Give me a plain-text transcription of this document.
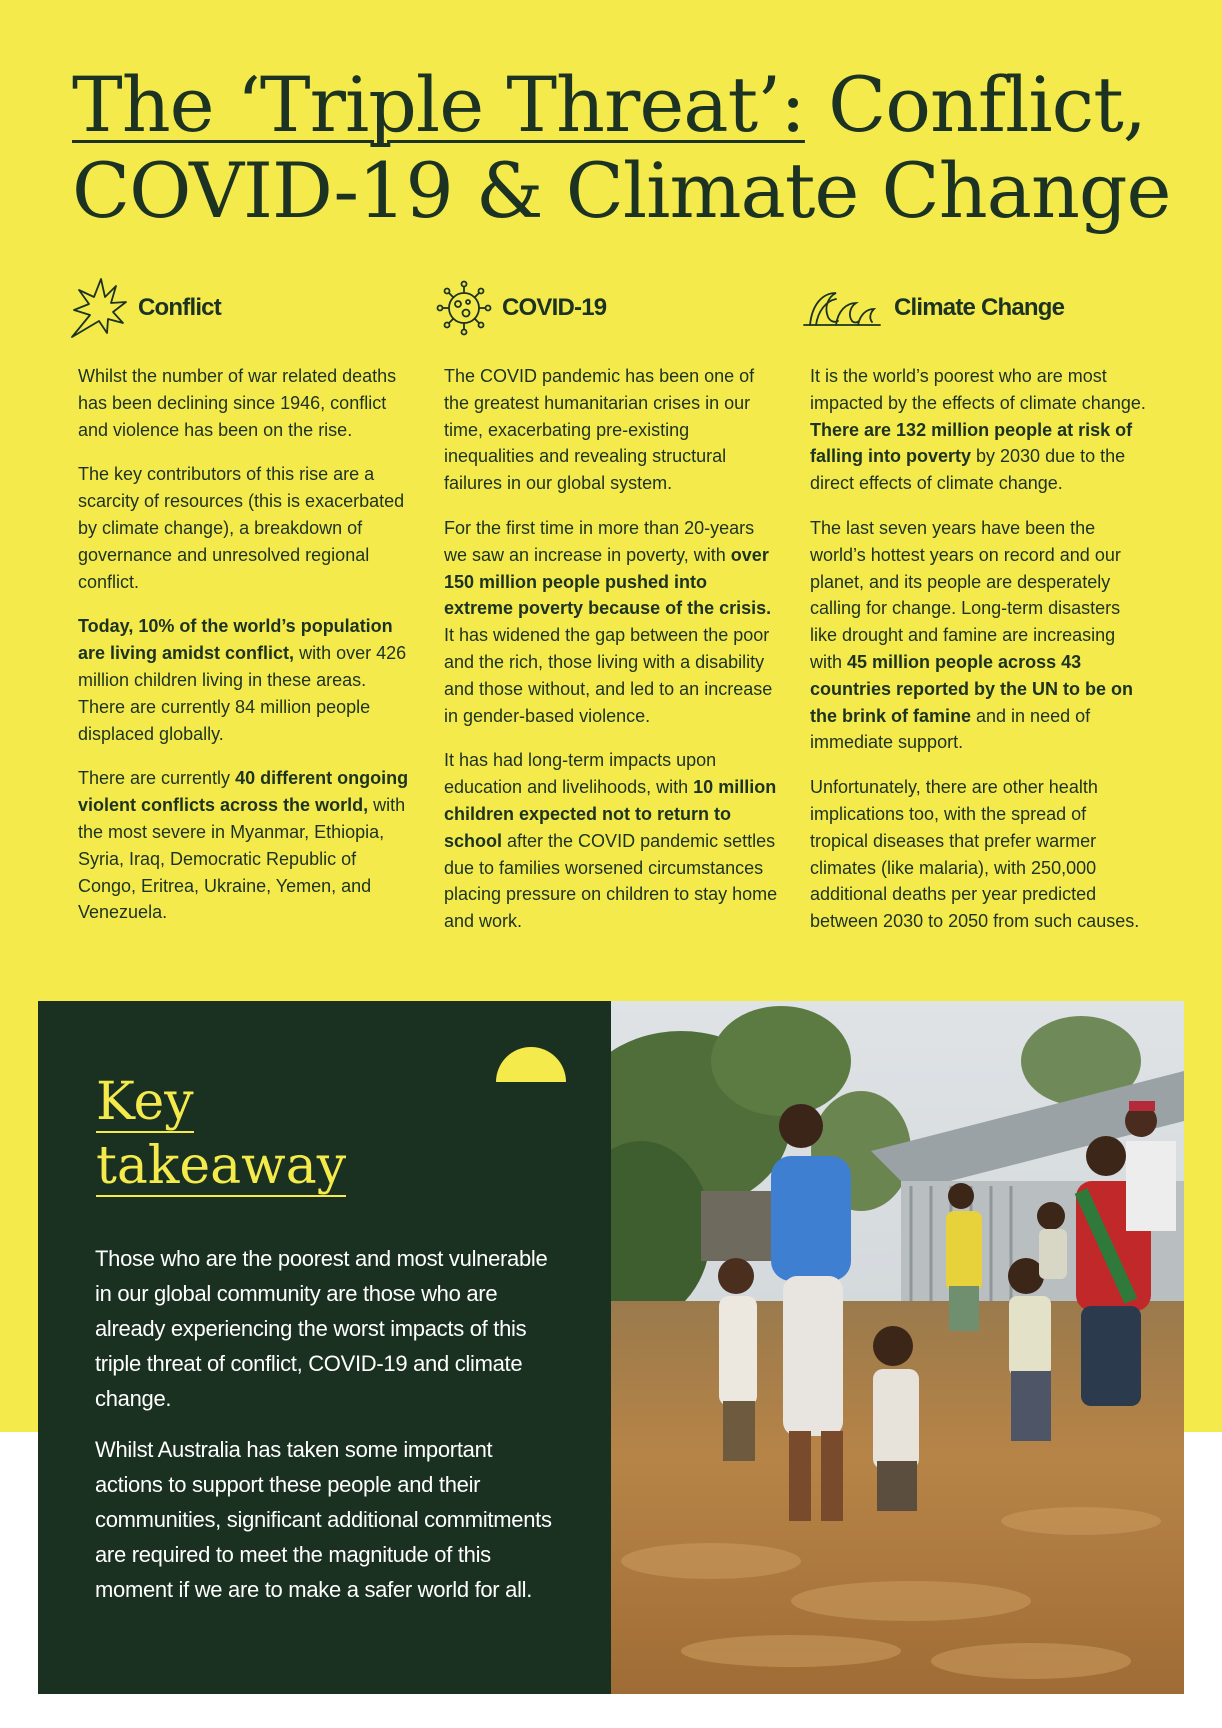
The ‘Triple Threat’: Conflict,
COVID-19 & Climate Change
Conflict

Whilst the number of war related deaths has been declining since 1946, conflict and violence has been on the rise.

The key contributors of this rise are a scarcity of resources (this is exacerbated by climate change), a breakdown of governance and unresolved regional conflict.

Today, 10% of the world’s population are living amidst conflict, with over 426 million children living in these areas. There are currently 84 million people displaced globally.

There are currently 40 different ongoing violent conflicts across the world, with the most severe in Myanmar, Ethiopia, Syria, Iraq, Democratic Republic of Congo, Eritrea, Ukraine, Yemen, and Venezuela.

COVID-19

The COVID pandemic has been one of the greatest humanitarian crises in our time, exacerbating pre-existing inequalities and revealing structural failures in our global system.

For the first time in more than 20-years we saw an increase in poverty, with over 150 million people pushed into extreme poverty because of the crisis. It has widened the gap between the poor and the rich, those living with a disability and those without, and led to an increase in gender-based violence.

It has had long-term impacts upon education and livelihoods, with 10 million children expected not to return to school after the COVID pandemic settles due to families worsened circumstances placing pressure on children to stay home and work.

Climate Change

It is the world’s poorest who are most impacted by the effects of climate change. There are 132 million people at risk of falling into poverty by 2030 due to the direct effects of climate change.

The last seven years have been the world’s hottest years on record and our planet, and its people are desperately calling for change. Long-term disasters like drought and famine are increasing with 45 million people across 43 countries reported by the UN to be on the brink of famine and in need of immediate support.

Unfortunately, there are other health implications too, with the spread of tropical diseases that prefer warmer climates (like malaria), with 250,000 additional deaths per year predicted between 2030 to 2050 from such causes.

Key
takeaway

Those who are the poorest and most vulnerable in our global community are those who are already experiencing the worst impacts of this triple threat of conflict, COVID-19 and climate change.

Whilst Australia has taken some important actions to support these people and their communities, significant additional commitments are required to meet the magnitude of this moment if we are to make a safer world for all.
